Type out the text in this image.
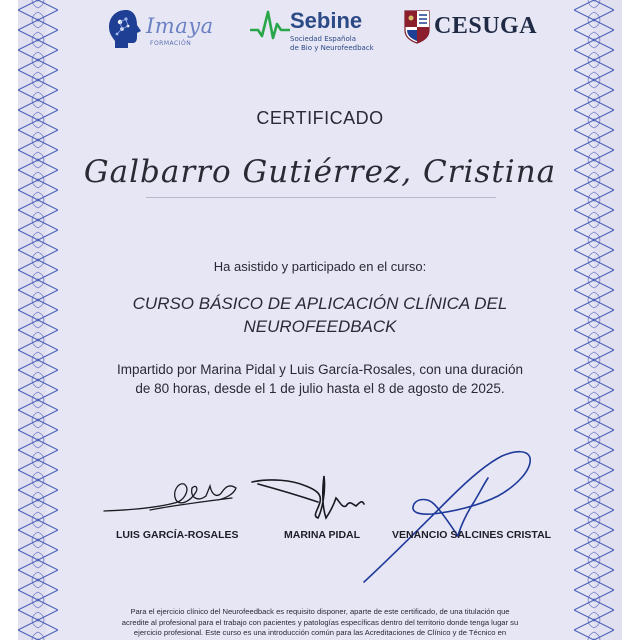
Imaya
FORMACIÓN
Sebine
Sociedad Española
de Bio y Neurofeedback
CESUGA
CERTIFICADO
Galbarro Gutiérrez, Cristina
Ha asistido y participado en el curso:
CURSO BÁSICO DE APLICACIÓN CLÍNICA DEL
NEUROFEEDBACK
Impartido por Marina Pidal y Luis García-Rosales, con una duración
de 80 horas, desde el 1 de julio hasta el 8 de agosto de 2025.
LUIS GARCÍA-ROSALES	MARINA PIDAL	VENANCIO SALCINES CRISTAL
Para el ejercicio clínico del Neurofeedback es requisito disponer, aparte de este certificado, de una titulación que
acredite al profesional para el trabajo con pacientes y patologías específicas dentro del territorio donde tenga lugar su
ejercicio profesional. Este curso es una introducción común para las Acreditaciones de Clínico y de Técnico en
